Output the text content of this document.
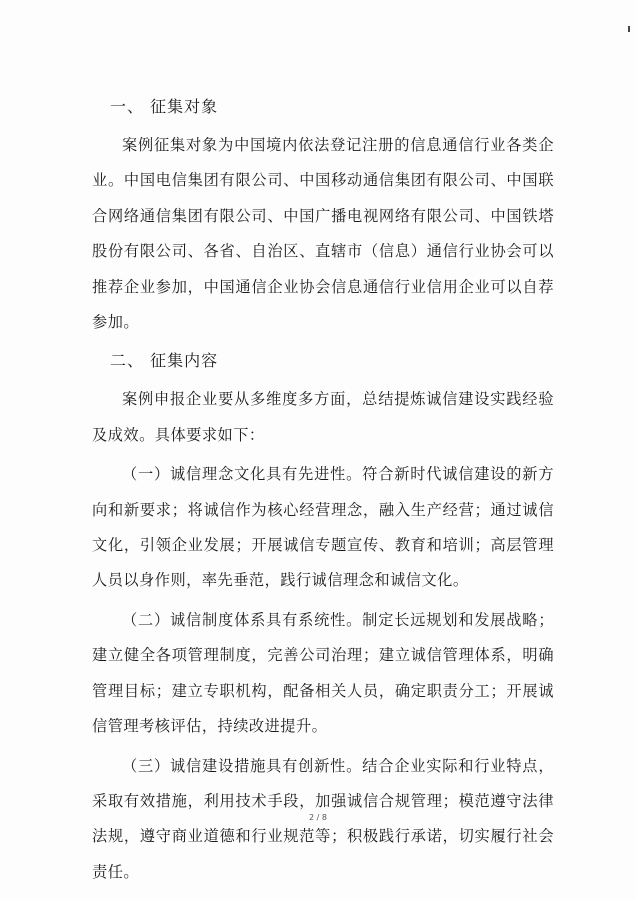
一、 征集对象

案例征集对象为中国境内依法登记注册的信息通信行业各类企业。中国电信集团有限公司、中国移动通信集团有限公司、中国联合网络通信集团有限公司、中国广播电视网络有限公司、中国铁塔股份有限公司、各省、自治区、直辖市（信息）通信行业协会可以推荐企业参加，中国通信企业协会信息通信行业信用企业可以自荐参加。

二、 征集内容

案例申报企业要从多维度多方面，总结提炼诚信建设实践经验及成效。具体要求如下：

（一）诚信理念文化具有先进性。符合新时代诚信建设的新方向和新要求；将诚信作为核心经营理念，融入生产经营；通过诚信文化，引领企业发展；开展诚信专题宣传、教育和培训；高层管理人员以身作则，率先垂范，践行诚信理念和诚信文化。

（二）诚信制度体系具有系统性。制定长远规划和发展战略；建立健全各项管理制度，完善公司治理；建立诚信管理体系，明确管理目标；建立专职机构，配备相关人员，确定职责分工；开展诚信管理考核评估，持续改进提升。

（三）诚信建设措施具有创新性。结合企业实际和行业特点，采取有效措施，利用技术手段，加强诚信合规管理；模范遵守法律法规，遵守商业道德和行业规范等；积极践行承诺，切实履行社会责任。

2 / 8
